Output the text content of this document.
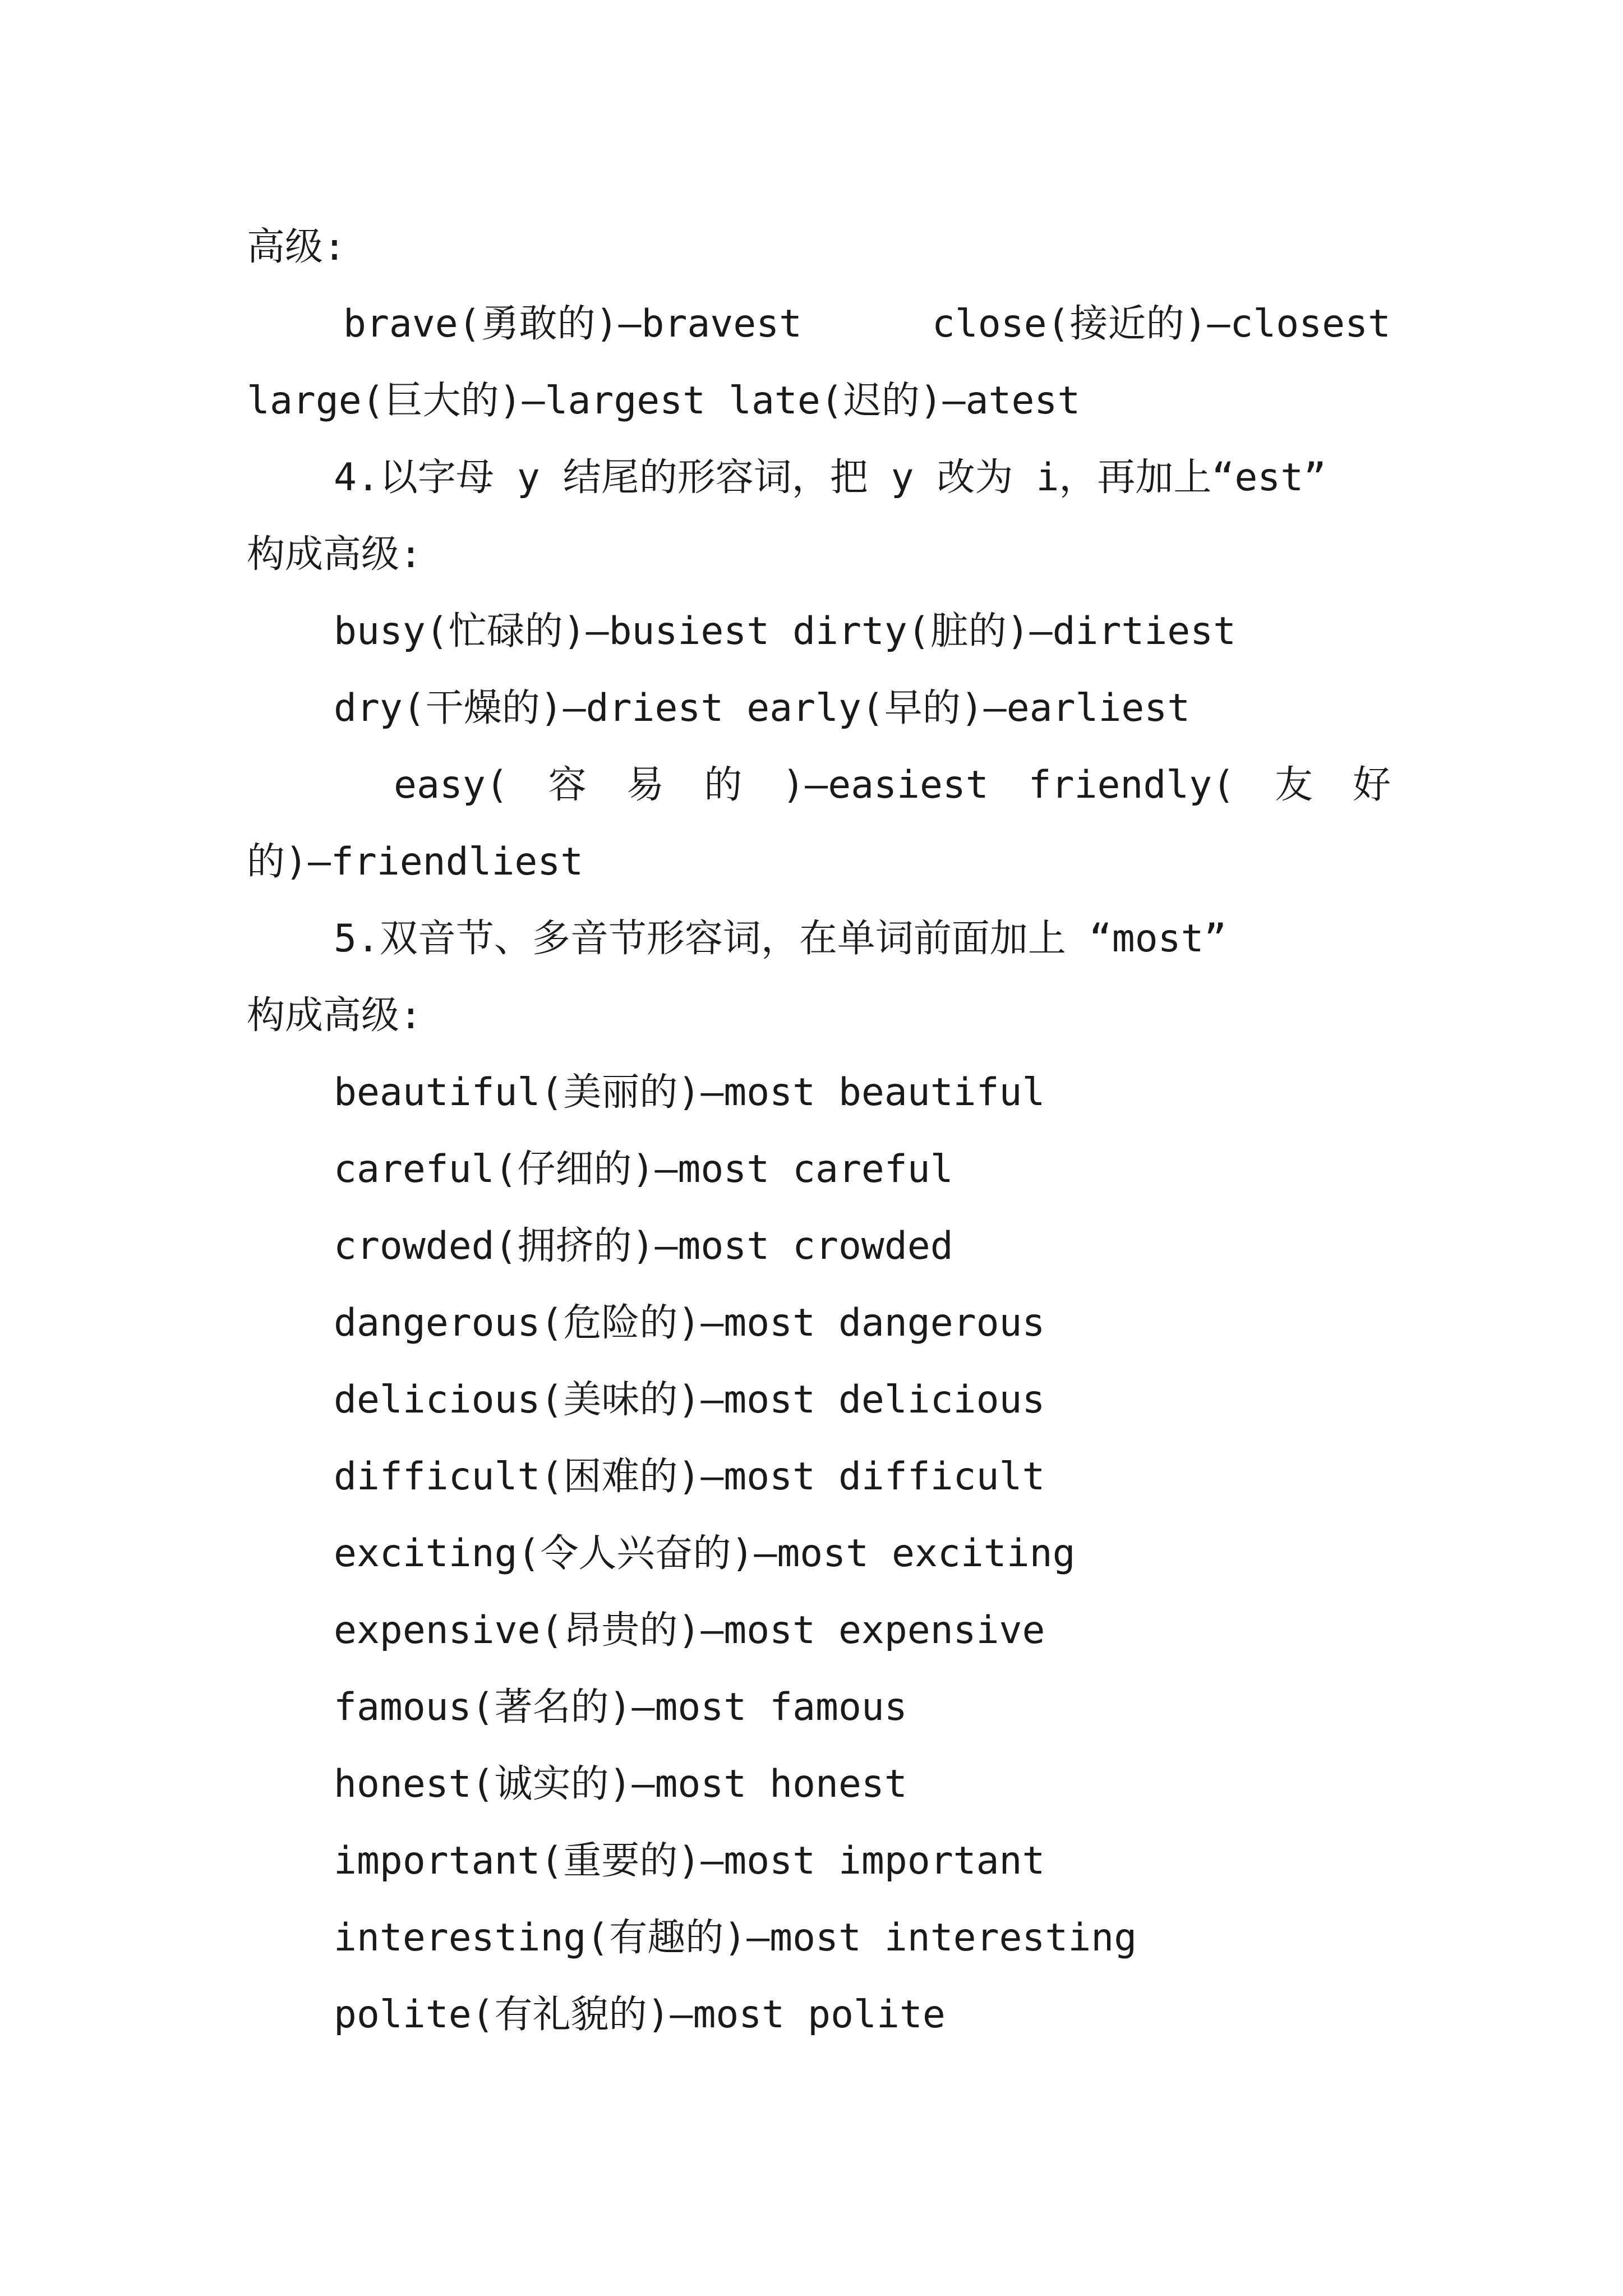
高级:
brave(勇敢的)—bravest	close(接近的)—closest
large(巨大的)—largest late(迟的)—atest
4.以字母 y 结尾的形容词，把 y 改为 i，再加上“est”
构成高级:
busy(忙碌的)—busiest dirty(脏的)—dirtiest
dry(干燥的)—driest early(早的)—earliest
easy( 容 易 的 )—easiest friendly( 友 好
的)—friendliest
5.双音节、多音节形容词，在单词前面加上 “most”
构成高级:
beautiful(美丽的)—most beautiful
careful(仔细的)—most careful
crowded(拥挤的)—most crowded
dangerous(危险的)—most dangerous
delicious(美味的)—most delicious
difficult(困难的)—most difficult
exciting(令人兴奋的)—most exciting
expensive(昂贵的)—most expensive
famous(著名的)—most famous
honest(诚实的)—most honest
important(重要的)—most important
interesting(有趣的)—most interesting
polite(有礼貌的)—most polite
